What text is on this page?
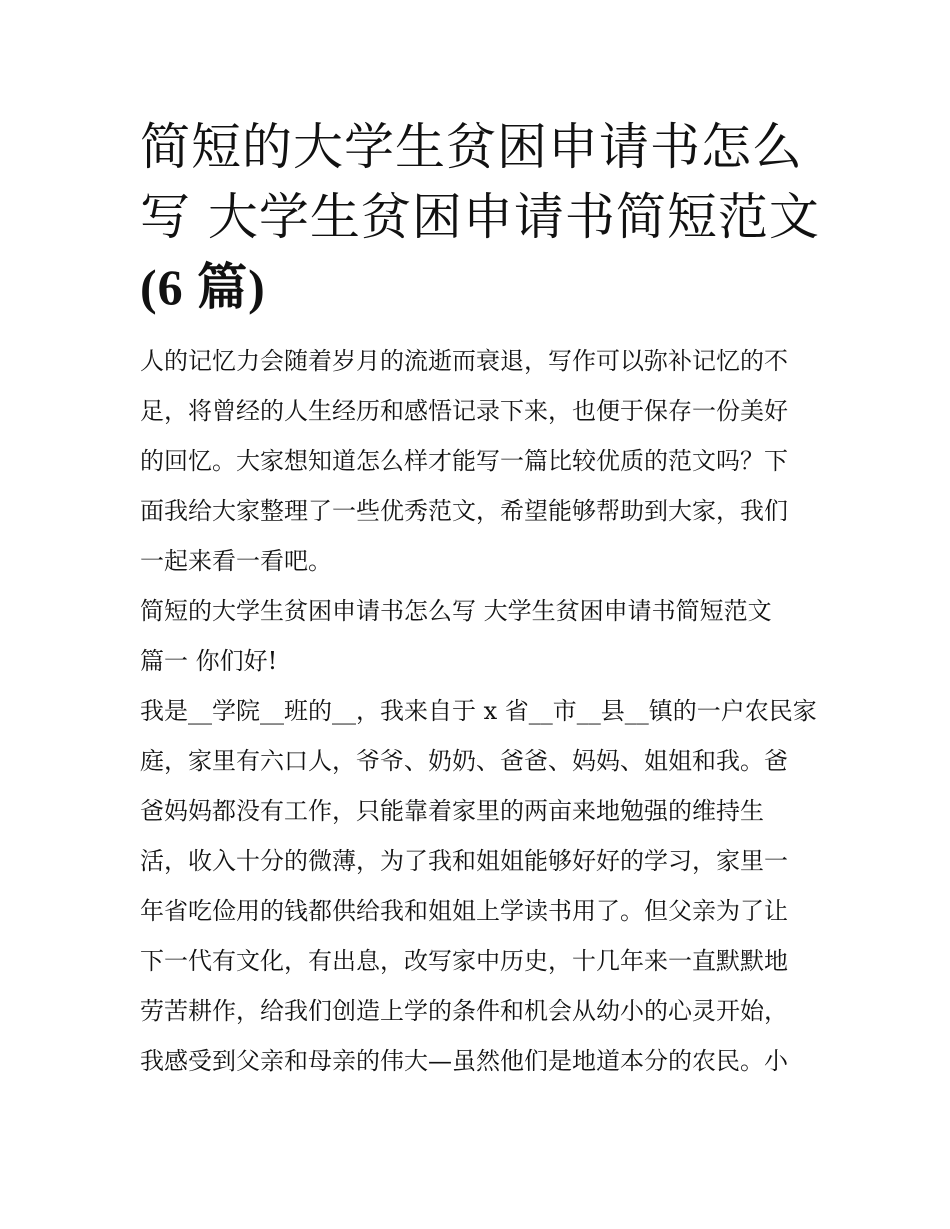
简短的大学生贫困申请书怎么
写 大学生贫困申请书简短范文
(6 篇)
人的记忆力会随着岁月的流逝而衰退，写作可以弥补记忆的不
足，将曾经的人生经历和感悟记录下来，也便于保存一份美好
的回忆。大家想知道怎么样才能写一篇比较优质的范文吗？下
面我给大家整理了一些优秀范文，希望能够帮助到大家，我们
一起来看一看吧。
简短的大学生贫困申请书怎么写 大学生贫困申请书简短范文
篇一 你们好!
我是__学院__班的__，我来自于 x 省__市__县__镇的一户农民家
庭，家里有六口人，爷爷、奶奶、爸爸、妈妈、姐姐和我。爸
爸妈妈都没有工作，只能靠着家里的两亩来地勉强的维持生
活，收入十分的微薄，为了我和姐姐能够好好的学习，家里一
年省吃俭用的钱都供给我和姐姐上学读书用了。但父亲为了让
下一代有文化，有出息，改写家中历史，十几年来一直默默地
劳苦耕作，给我们创造上学的条件和机会从幼小的心灵开始，
我感受到父亲和母亲的伟大—虽然他们是地道本分的农民。小
